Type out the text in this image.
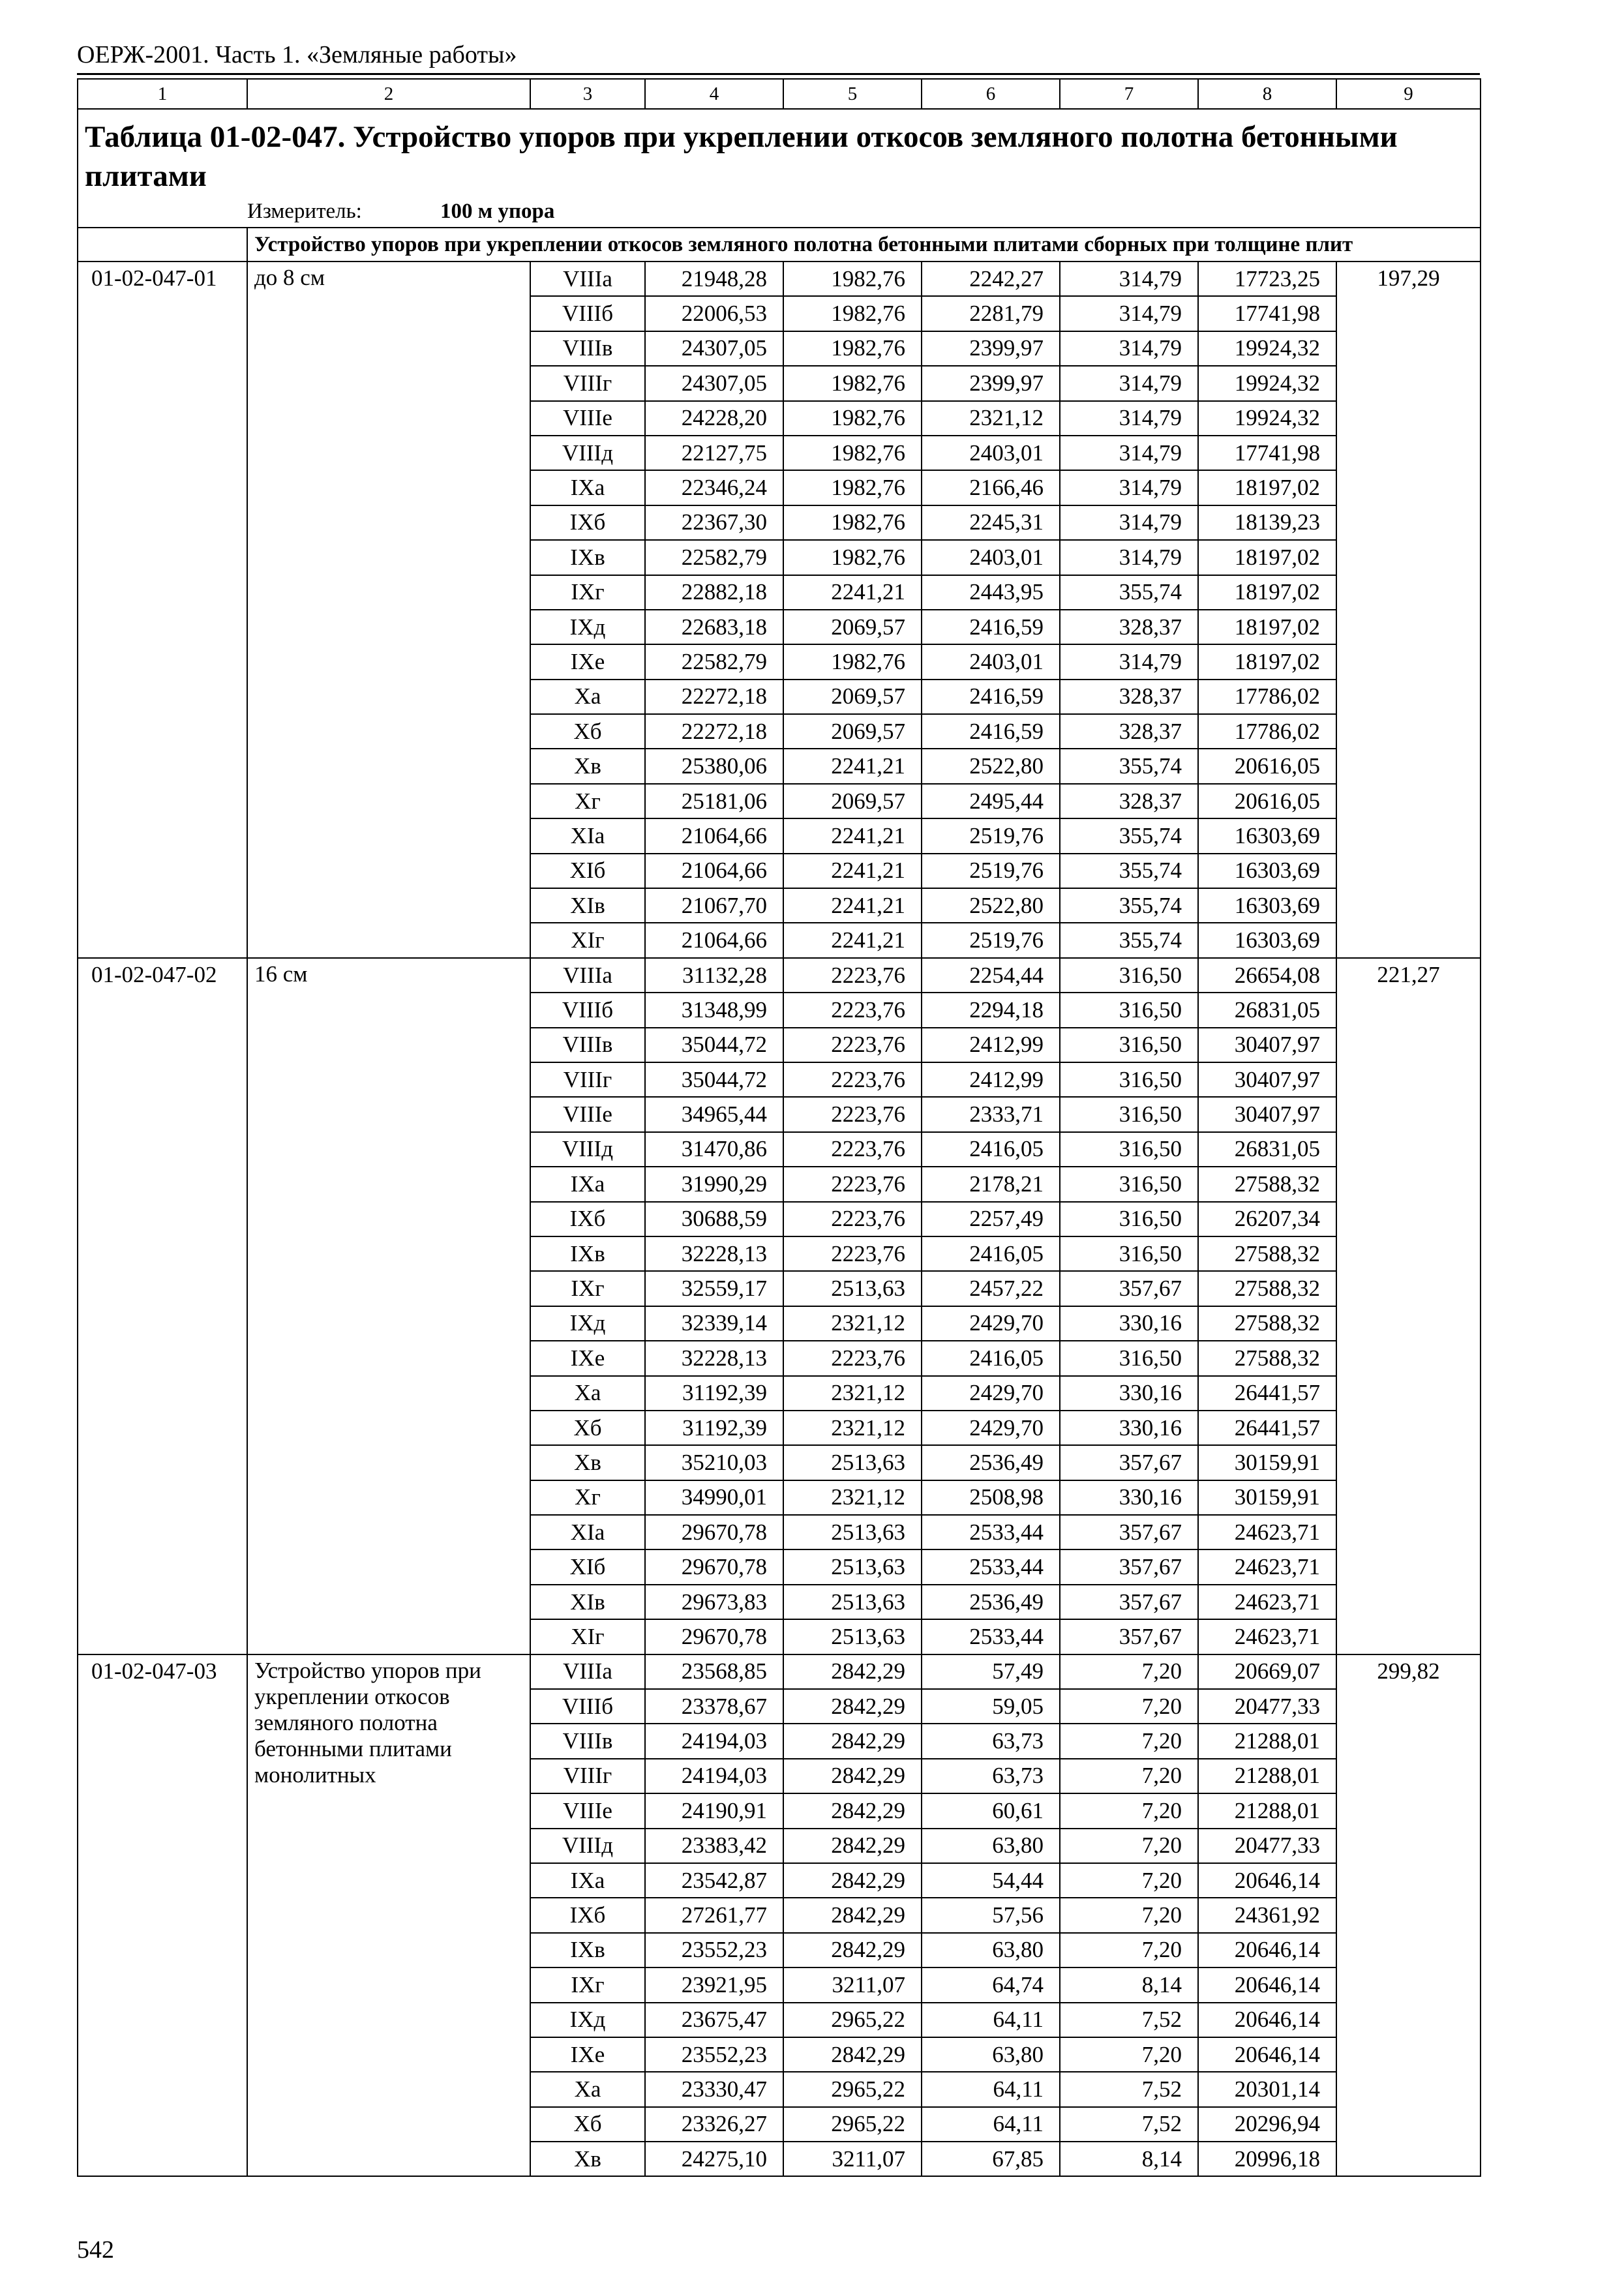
ОЕРЖ-2001. Часть 1. «Земляные работы»
1	2	3	4	5	6	7	8	9
Таблица 01-02-047. Устройство упоров при укреплении откосов земляного полотна бетонными плитами								
	Измеритель: 100 м упора							
	Устройство упоров при укреплении откосов земляного полотна бетонными плитами сборных при толщине плит							
01-02-047-01	до 8 см	VIIIа	21948,28	1982,76	2242,27	314,79	17723,25	197,29
		VIIIб	22006,53	1982,76	2281,79	314,79	17741,98	
		VIIIв	24307,05	1982,76	2399,97	314,79	19924,32	
		VIIIг	24307,05	1982,76	2399,97	314,79	19924,32	
		VIIIе	24228,20	1982,76	2321,12	314,79	19924,32	
		VIIIд	22127,75	1982,76	2403,01	314,79	17741,98	
		IXа	22346,24	1982,76	2166,46	314,79	18197,02	
		IXб	22367,30	1982,76	2245,31	314,79	18139,23	
		IXв	22582,79	1982,76	2403,01	314,79	18197,02	
		IXг	22882,18	2241,21	2443,95	355,74	18197,02	
		IXд	22683,18	2069,57	2416,59	328,37	18197,02	
		IXе	22582,79	1982,76	2403,01	314,79	18197,02	
		Xа	22272,18	2069,57	2416,59	328,37	17786,02	
		Xб	22272,18	2069,57	2416,59	328,37	17786,02	
		Xв	25380,06	2241,21	2522,80	355,74	20616,05	
		Xг	25181,06	2069,57	2495,44	328,37	20616,05	
		XIа	21064,66	2241,21	2519,76	355,74	16303,69	
		XIб	21064,66	2241,21	2519,76	355,74	16303,69	
		XIв	21067,70	2241,21	2522,80	355,74	16303,69	
		XIг	21064,66	2241,21	2519,76	355,74	16303,69	
01-02-047-02	16 см	VIIIа	31132,28	2223,76	2254,44	316,50	26654,08	221,27
		VIIIб	31348,99	2223,76	2294,18	316,50	26831,05	
		VIIIв	35044,72	2223,76	2412,99	316,50	30407,97	
		VIIIг	35044,72	2223,76	2412,99	316,50	30407,97	
		VIIIе	34965,44	2223,76	2333,71	316,50	30407,97	
		VIIIд	31470,86	2223,76	2416,05	316,50	26831,05	
		IXа	31990,29	2223,76	2178,21	316,50	27588,32	
		IXб	30688,59	2223,76	2257,49	316,50	26207,34	
		IXв	32228,13	2223,76	2416,05	316,50	27588,32	
		IXг	32559,17	2513,63	2457,22	357,67	27588,32	
		IXд	32339,14	2321,12	2429,70	330,16	27588,32	
		IXе	32228,13	2223,76	2416,05	316,50	27588,32	
		Xа	31192,39	2321,12	2429,70	330,16	26441,57	
		Xб	31192,39	2321,12	2429,70	330,16	26441,57	
		Xв	35210,03	2513,63	2536,49	357,67	30159,91	
		Xг	34990,01	2321,12	2508,98	330,16	30159,91	
		XIа	29670,78	2513,63	2533,44	357,67	24623,71	
		XIб	29670,78	2513,63	2533,44	357,67	24623,71	
		XIв	29673,83	2513,63	2536,49	357,67	24623,71	
		XIг	29670,78	2513,63	2533,44	357,67	24623,71	
01-02-047-03	Устройство упоров при укреплении откосов земляного полотна бетонными плитами монолитных	VIIIа	23568,85	2842,29	57,49	7,20	20669,07	299,82
		VIIIб	23378,67	2842,29	59,05	7,20	20477,33	
		VIIIв	24194,03	2842,29	63,73	7,20	21288,01	
		VIIIг	24194,03	2842,29	63,73	7,20	21288,01	
		VIIIе	24190,91	2842,29	60,61	7,20	21288,01	
		VIIIд	23383,42	2842,29	63,80	7,20	20477,33	
		IXа	23542,87	2842,29	54,44	7,20	20646,14	
		IXб	27261,77	2842,29	57,56	7,20	24361,92	
		IXв	23552,23	2842,29	63,80	7,20	20646,14	
		IXг	23921,95	3211,07	64,74	8,14	20646,14	
		IXд	23675,47	2965,22	64,11	7,52	20646,14	
		IXе	23552,23	2842,29	63,80	7,20	20646,14	
		Xа	23330,47	2965,22	64,11	7,52	20301,14	
		Xб	23326,27	2965,22	64,11	7,52	20296,94	
		Xв	24275,10	3211,07	67,85	8,14	20996,18	
542
